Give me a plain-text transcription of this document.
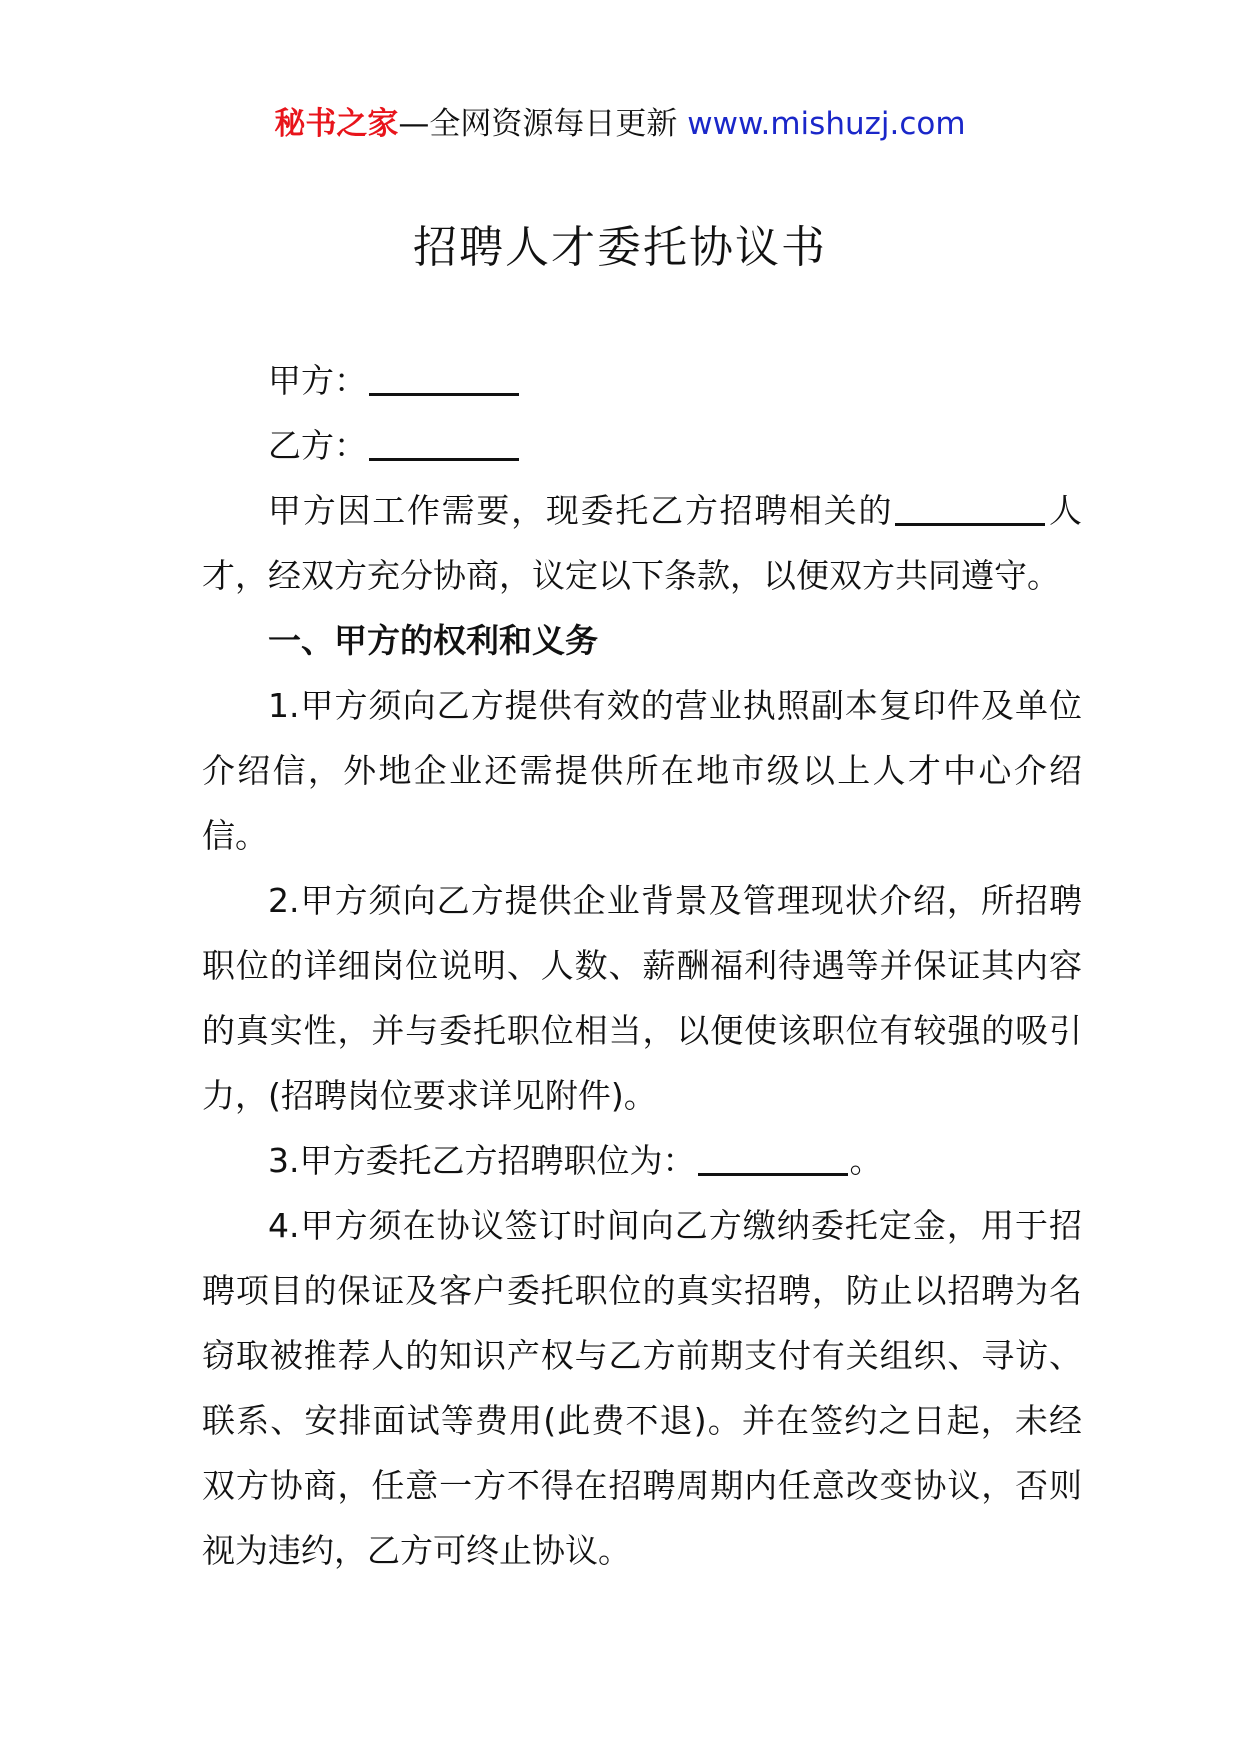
秘书之家—全网资源每日更新 www.mishuzj.com
招聘人才委托协议书

甲方：

乙方：

甲方因工作需要，现委托乙方招聘相关的	人才，经双方充分协商，议定以下条款，以便双方共同遵守。

一、甲方的权利和义务

1.甲方须向乙方提供有效的营业执照副本复印件及单位介绍信，外地企业还需提供所在地市级以上人才中心介绍信。

2.甲方须向乙方提供企业背景及管理现状介绍，所招聘职位的详细岗位说明、人数、薪酬福利待遇等并保证其内容的真实性，并与委托职位相当，以便使该职位有较强的吸引力，(招聘岗位要求详见附件)。

3.甲方委托乙方招聘职位为：	。

4.甲方须在协议签订时间向乙方缴纳委托定金，用于招聘项目的保证及客户委托职位的真实招聘，防止以招聘为名窃取被推荐人的知识产权与乙方前期支付有关组织、寻访、联系、安排面试等费用(此费不退)。并在签约之日起，未经双方协商，任意一方不得在招聘周期内任意改变协议，否则视为违约，乙方可终止协议。
